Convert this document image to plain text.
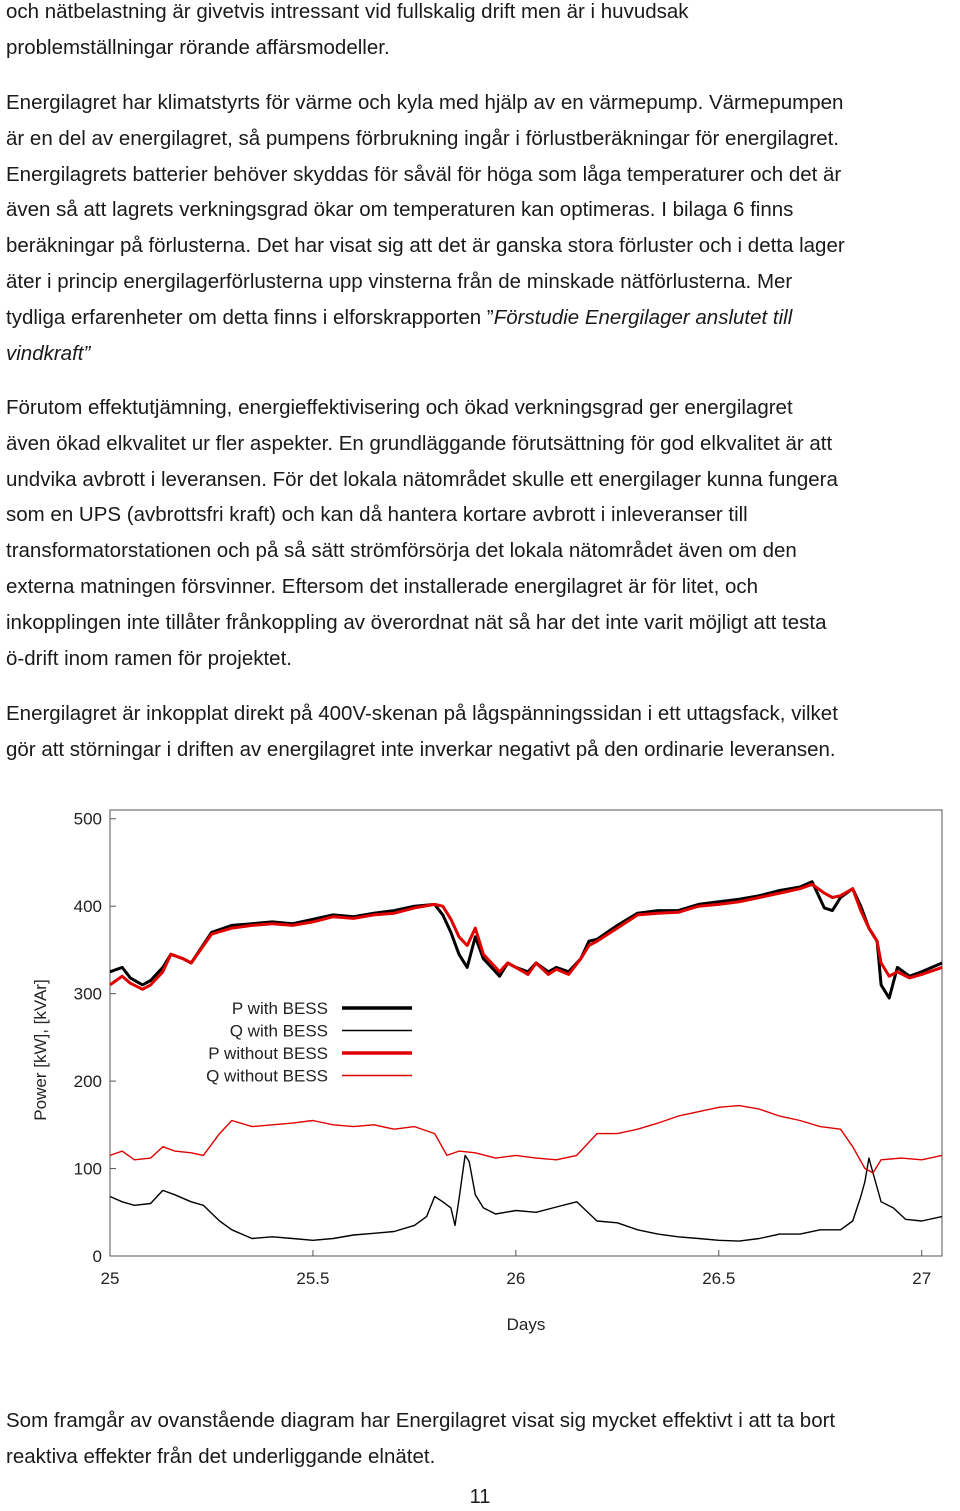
och nätbelastning är givetvis intressant vid fullskalig drift men är i huvudsak
problemställningar rörande affärsmodeller.

Energilagret har klimatstyrts för värme och kyla med hjälp av en värmepump. Värmepumpen
är en del av energilagret, så pumpens förbrukning ingår i förlustberäkningar för energilagret.
Energilagrets batterier behöver skyddas för såväl för höga som låga temperaturer och det är
även så att lagrets verkningsgrad ökar om temperaturen kan optimeras. I bilaga 6 finns
beräkningar på förlusterna. Det har visat sig att det är ganska stora förluster och i detta lager
äter i princip energilagerförlusterna upp vinsterna från de minskade nätförlusterna. Mer
tydliga erfarenheter om detta finns i elforskrapporten ”Förstudie Energilager anslutet till
vindkraft”

Förutom effektutjämning, energieffektivisering och ökad verkningsgrad ger energilagret
även ökad elkvalitet ur fler aspekter. En grundläggande förutsättning för god elkvalitet är att
undvika avbrott i leveransen. För det lokala nätområdet skulle ett energilager kunna fungera
som en UPS (avbrottsfri kraft) och kan då hantera kortare avbrott i inleveranser till
transformatorstationen och på så sätt strömförsörja det lokala nätområdet även om den
externa matningen försvinner. Eftersom det installerade energilagret är för litet, och
inkopplingen inte tillåter frånkoppling av överordnat nät så har det inte varit möjligt att testa
ö-drift inom ramen för projektet.

Energilagret är inkopplat direkt på 400V-skenan på lågspänningssidan i ett uttagsfack, vilket
gör att störningar i driften av energilagret inte inverkar negativt på den ordinarie leveransen.

0
100
200
300
400
500
25	25.5	26	26.5	27
Days
Power [kW], [kVAr]	P with BESS
Q with BESS
P without BESS
Q without BESS

Som framgår av ovanstående diagram har Energilagret visat sig mycket effektivt i att ta bort
reaktiva effekter från det underliggande elnätet.

11
